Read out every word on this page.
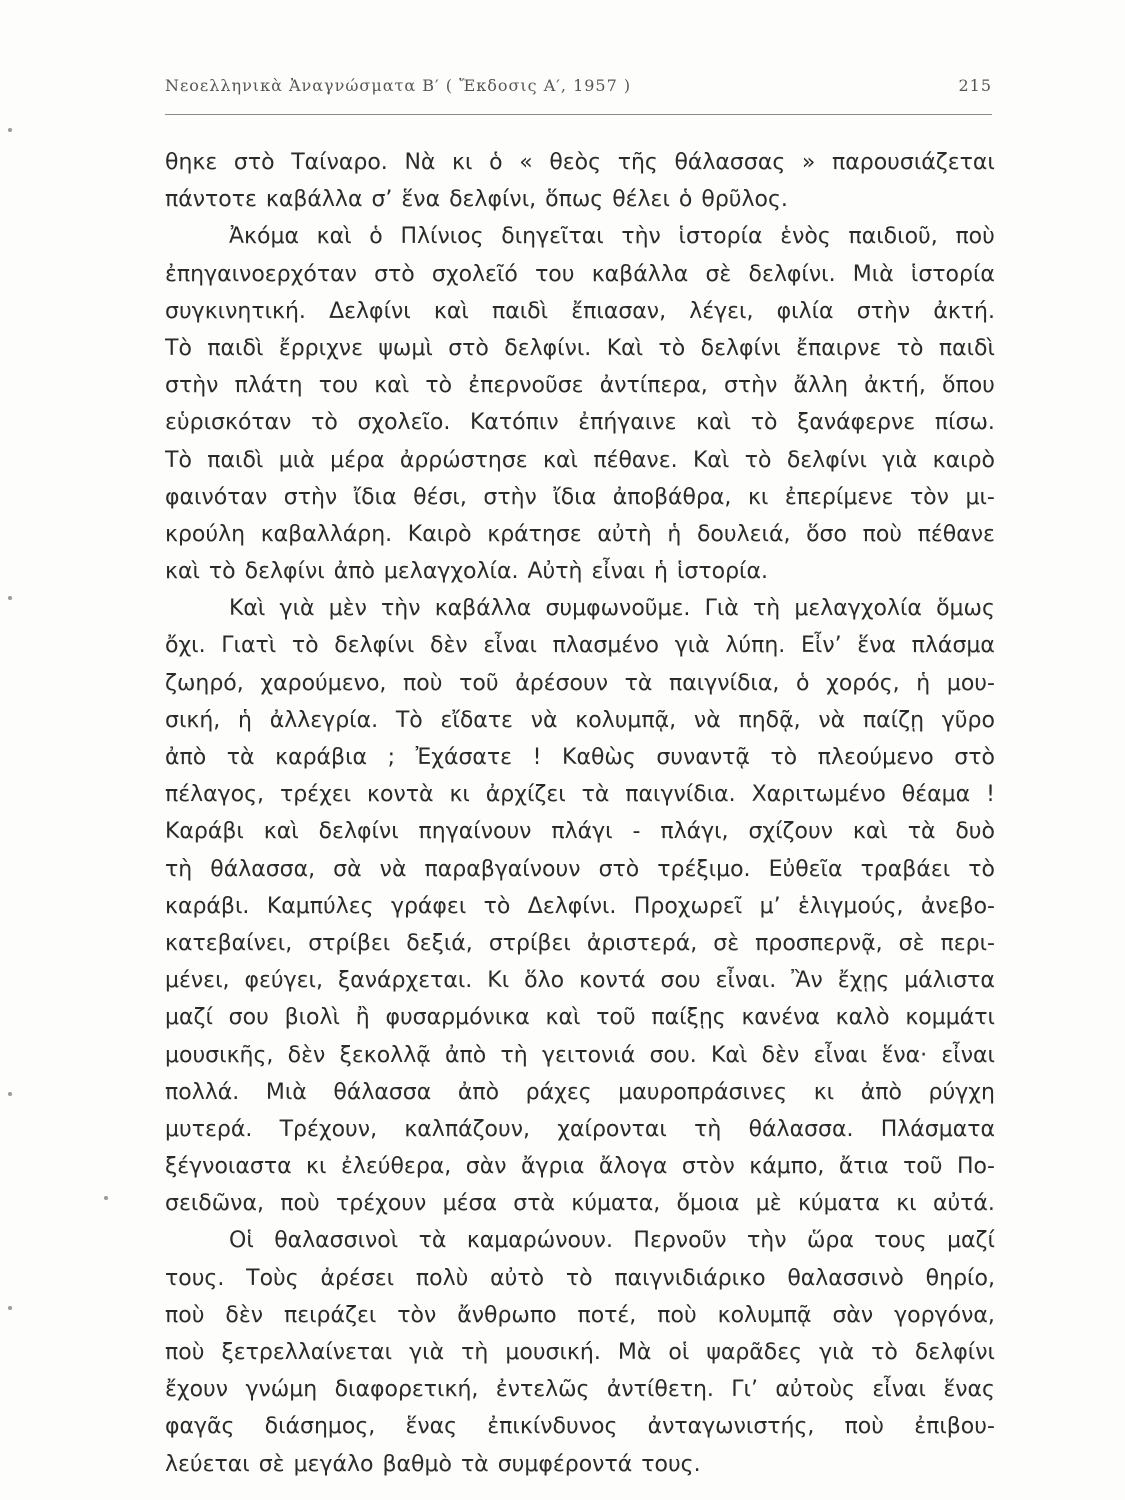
Νεοελληνικὰ Ἀναγνώσματα Β′ ( Ἔκδοσις Α′, 1957 )	215
θηκε στὸ Ταίναρο. Νὰ κι ὁ « θεὸς τῆς θάλασσας » παρουσιάζεται
πάντοτε καβάλλα σ’ ἕνα δελφίνι, ὅπως θέλει ὁ θρῦλος.
Ἀκόμα καὶ ὁ Πλίνιος διηγεῖται τὴν ἱστορία ἑνὸς παιδιοῦ, ποὺ
ἐπηγαινοερχόταν στὸ σχολεῖό του καβάλλα σὲ δελφίνι. Μιὰ ἱστορία
συγκινητική. Δελφίνι καὶ παιδὶ ἔπιασαν, λέγει, φιλία στὴν ἀκτή.
Τὸ παιδὶ ἔρριχνε ψωμὶ στὸ δελφίνι. Καὶ τὸ δελφίνι ἔπαιρνε τὸ παιδὶ
στὴν πλάτη του καὶ τὸ ἐπερνοῦσε ἀντίπερα, στὴν ἄλλη ἀκτή, ὅπου
εὑρισκόταν τὸ σχολεῖο. Κατόπιν ἐπήγαινε καὶ τὸ ξανάφερνε πίσω.
Τὸ παιδὶ μιὰ μέρα ἀρρώστησε καὶ πέθανε. Καὶ τὸ δελφίνι γιὰ καιρὸ
φαινόταν στὴν ἴδια θέσι, στὴν ἴδια ἀποβάθρα, κι ἐπερίμενε τὸν μι-
κρούλη καβαλλάρη. Καιρὸ κράτησε αὐτὴ ἡ δουλειά, ὅσο ποὺ πέθανε
καὶ τὸ δελφίνι ἀπὸ μελαγχολία. Αὐτὴ εἶναι ἡ ἱστορία.
Καὶ γιὰ μὲν τὴν καβάλλα συμφωνοῦμε. Γιὰ τὴ μελαγχολία ὅμως
ὄχι. Γιατὶ τὸ δελφίνι δὲν εἶναι πλασμένο γιὰ λύπη. Εἶν’ ἕνα πλάσμα
ζωηρό, χαρούμενο, ποὺ τοῦ ἀρέσουν τὰ παιγνίδια, ὁ χορός, ἡ μου-
σική, ἡ ἀλλεγρία. Τὸ εἴδατε νὰ κολυμπᾷ, νὰ πηδᾷ, νὰ παίζῃ γῦρο
ἀπὸ τὰ καράβια ; Ἐχάσατε ! Καθὼς συναντᾷ τὸ πλεούμενο στὸ
πέλαγος, τρέχει κοντὰ κι ἀρχίζει τὰ παιγνίδια. Χαριτωμένο θέαμα !
Καράβι καὶ δελφίνι πηγαίνουν πλάγι - πλάγι, σχίζουν καὶ τὰ δυὸ
τὴ θάλασσα, σὰ νὰ παραβγαίνουν στὸ τρέξιμο. Εὐθεῖα τραβάει τὸ
καράβι. Καμπύλες γράφει τὸ Δελφίνι. Προχωρεῖ μ’ ἑλιγμούς, ἀνεβο-
κατεβαίνει, στρίβει δεξιά, στρίβει ἀριστερά, σὲ προσπερνᾷ, σὲ περι-
μένει, φεύγει, ξανάρχεται. Κι ὅλο κοντά σου εἶναι. Ἂν ἔχῃς μάλιστα
μαζί σου βιολὶ ἢ φυσαρμόνικα καὶ τοῦ παίξῃς κανένα καλὸ κομμάτι
μουσικῆς, δὲν ξεκολλᾷ ἀπὸ τὴ γειτονιά σου. Καὶ δὲν εἶναι ἕνα· εἶναι
πολλά. Μιὰ θάλασσα ἀπὸ ράχες μαυροπράσινες κι ἀπὸ ρύγχη
μυτερά. Τρέχουν, καλπάζουν, χαίρονται τὴ θάλασσα. Πλάσματα
ξέγνοιαστα κι ἐλεύθερα, σὰν ἄγρια ἄλογα στὸν κάμπο, ἄτια τοῦ Πο-
σειδῶνα, ποὺ τρέχουν μέσα στὰ κύματα, ὅμοια μὲ κύματα κι αὐτά.
Οἱ θαλασσινοὶ τὰ καμαρώνουν. Περνοῦν τὴν ὥρα τους μαζί
τους. Τοὺς ἀρέσει πολὺ αὐτὸ τὸ παιγνιδιάρικο θαλασσινὸ θηρίο,
ποὺ δὲν πειράζει τὸν ἄνθρωπο ποτέ, ποὺ κολυμπᾷ σὰν γοργόνα,
ποὺ ξετρελλαίνεται γιὰ τὴ μουσική. Μὰ οἱ ψαρᾶδες γιὰ τὸ δελφίνι
ἔχουν γνώμη διαφορετική, ἐντελῶς ἀντίθετη. Γι’ αὐτοὺς εἶναι ἕνας
φαγᾶς διάσημος, ἕνας ἐπικίνδυνος ἀνταγωνιστής, ποὺ ἐπιβου-
λεύεται σὲ μεγάλο βαθμὸ τὰ συμφέροντά τους.
